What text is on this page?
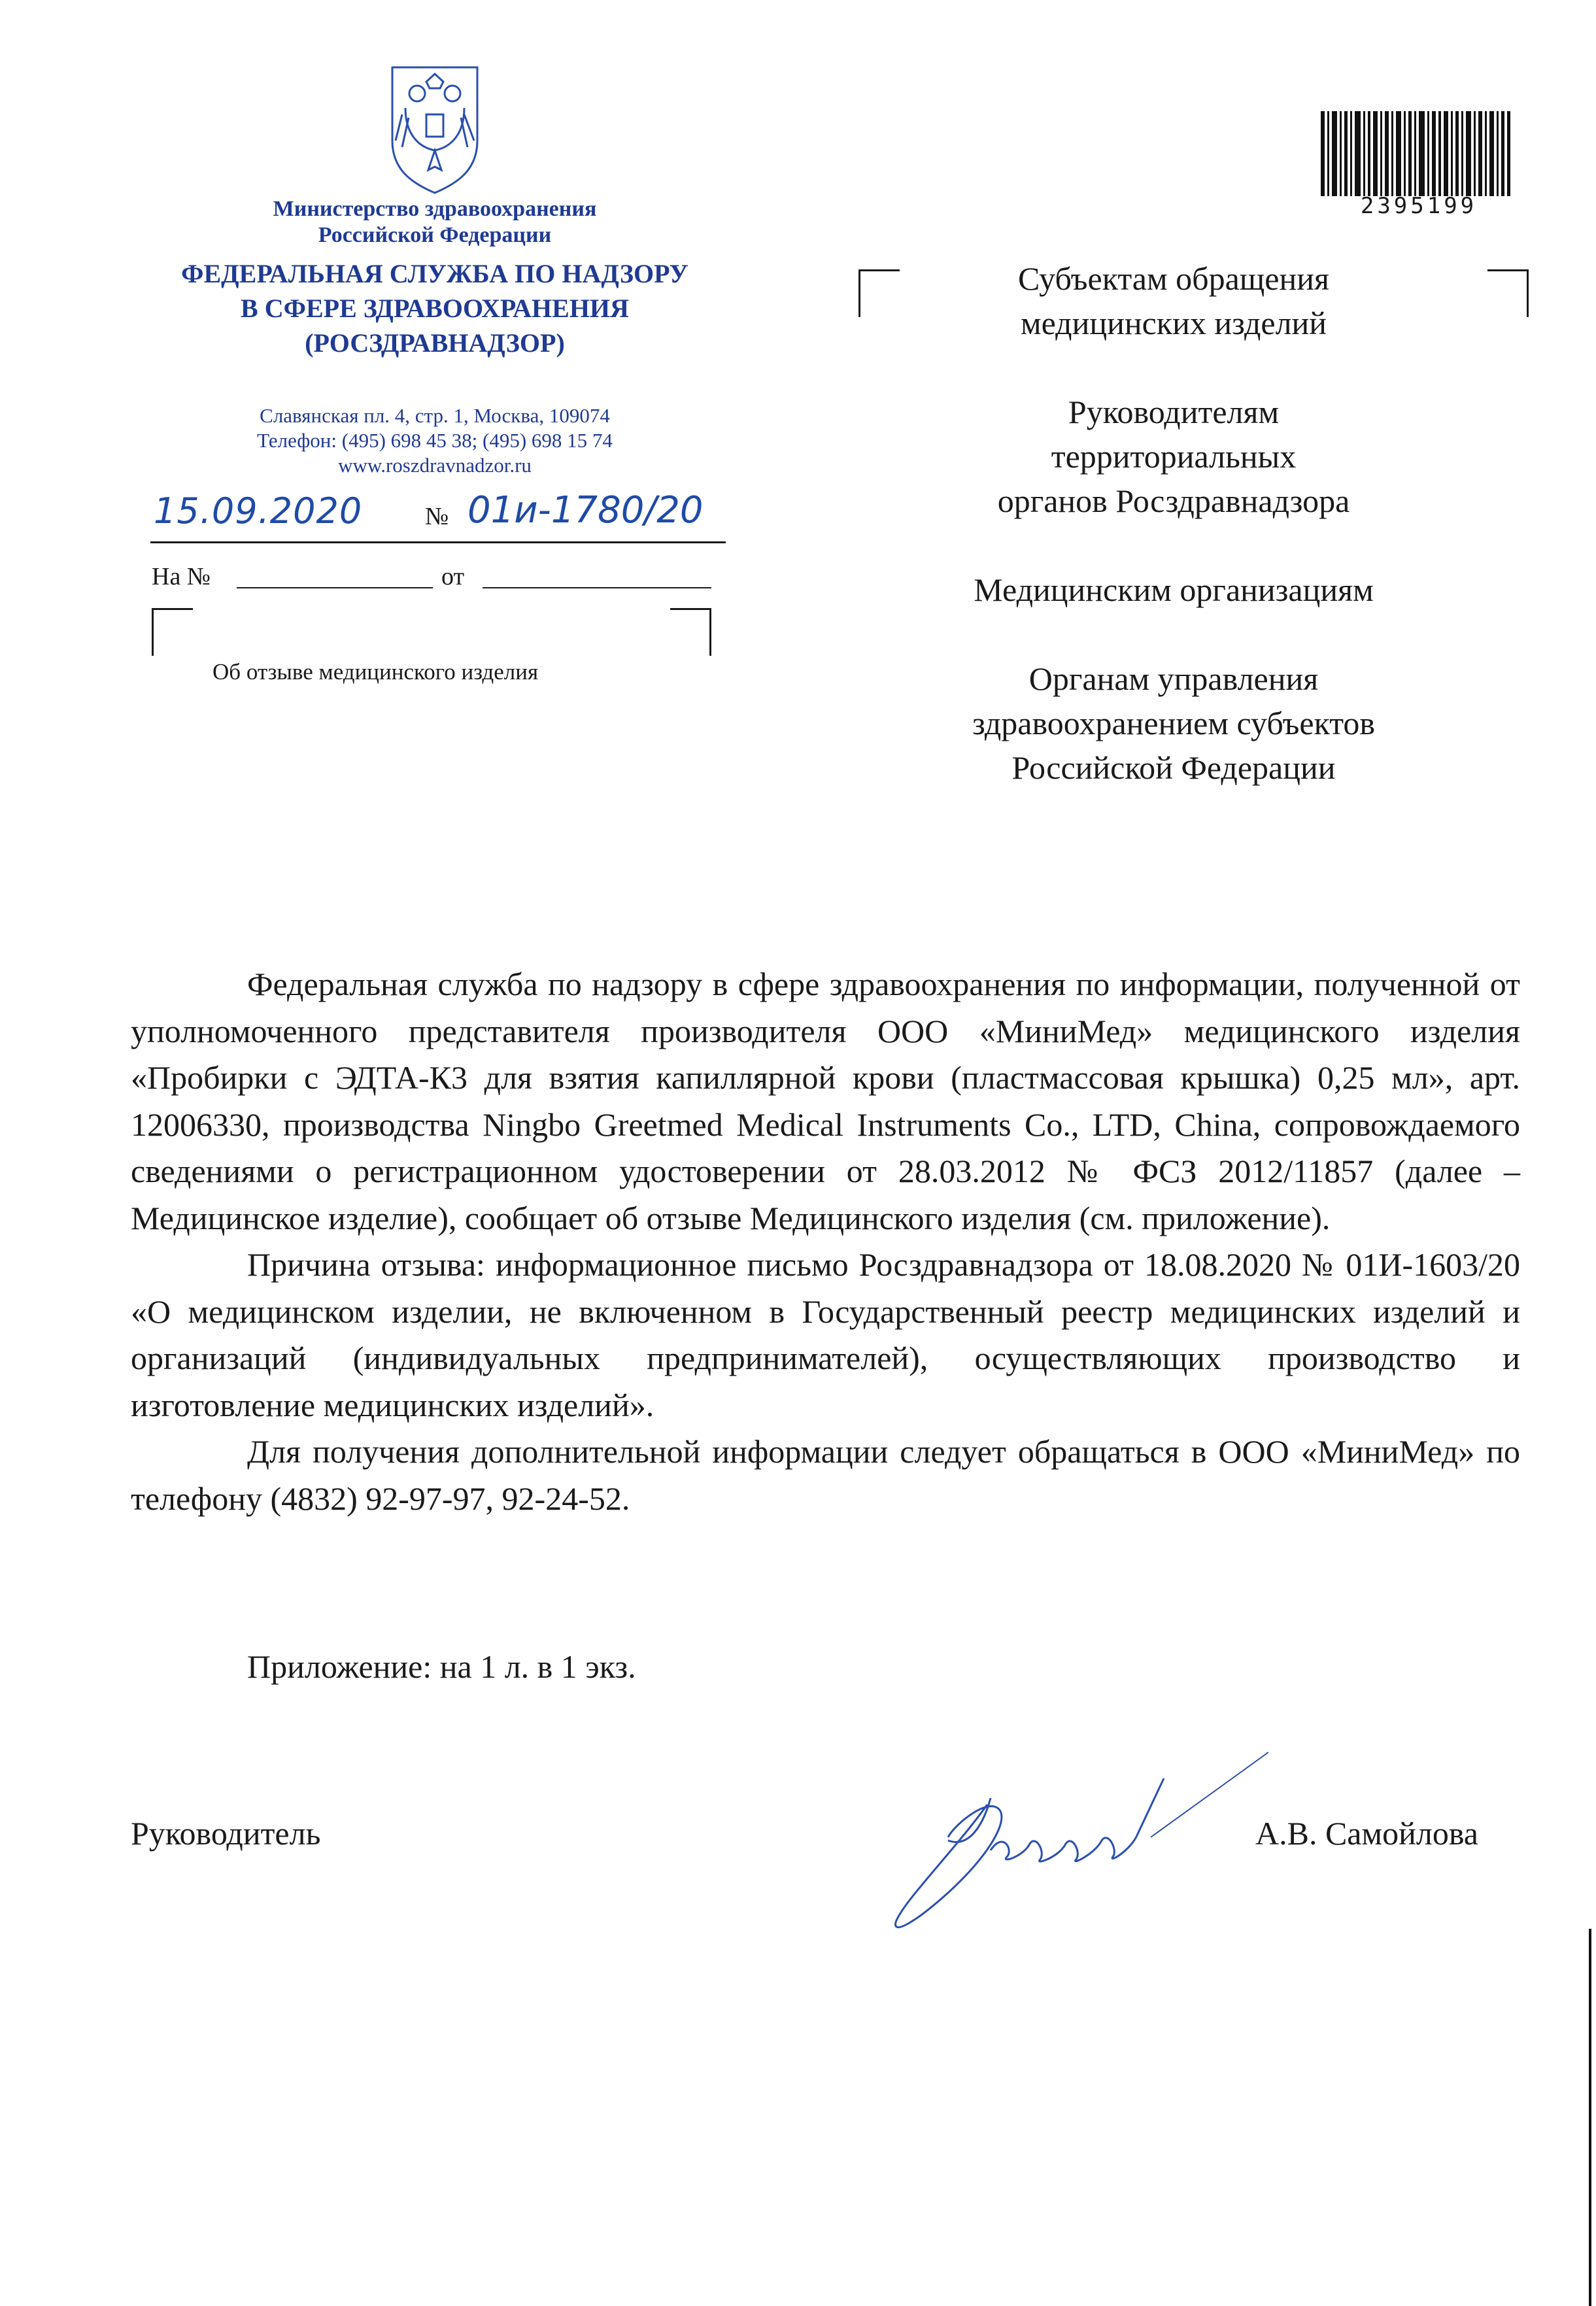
Министерство здравоохранения
Российской Федерации
ФЕДЕРАЛЬНАЯ СЛУЖБА ПО НАДЗОРУ
В СФЕРЕ ЗДРАВООХРАНЕНИЯ
(РОСЗДРАВНАДЗОР)
Славянская пл. 4, стр. 1, Москва, 109074
Телефон: (495) 698 45 38; (495) 698 15 74
www.roszdravnadzor.ru
15.09.2020	№ 01и-1780/20
На №	от
Об отзыве медицинского изделия
2395199
Субъектам обращения
медицинских изделий
Руководителям
территориальных
органов Росздравнадзора
Медицинским организациям
Органам управления
здравоохранением субъектов
Российской Федерации

Федеральная служба по надзору в сфере здравоохранения по информации, полученной от уполномоченного представителя производителя ООО «МиниМед» медицинского изделия «Пробирки с ЭДТА-К3 для взятия капиллярной крови (пластмассовая крышка) 0,25 мл», арт. 12006330, производства Ningbo Greetmed Medical Instruments Co., LTD, China, сопровождаемого сведениями о регистрационном удостоверении от 28.03.2012 № ФСЗ 2012/11857 (далее – Медицинское изделие), сообщает об отзыве Медицинского изделия (см. приложение).

Причина отзыва: информационное письмо Росздравнадзора от 18.08.2020 № 01И-1603/20 «О медицинском изделии, не включенном в Государственный реестр медицинских изделий и организаций (индивидуальных предпринимателей), осуществляющих производство и изготовление медицинских изделий».

Для получения дополнительной информации следует обращаться в ООО «МиниМед» по телефону (4832) 92-97-97, 92-24-52.

Приложение: на 1 л. в 1 экз.
Руководитель	А.В. Самойлова
